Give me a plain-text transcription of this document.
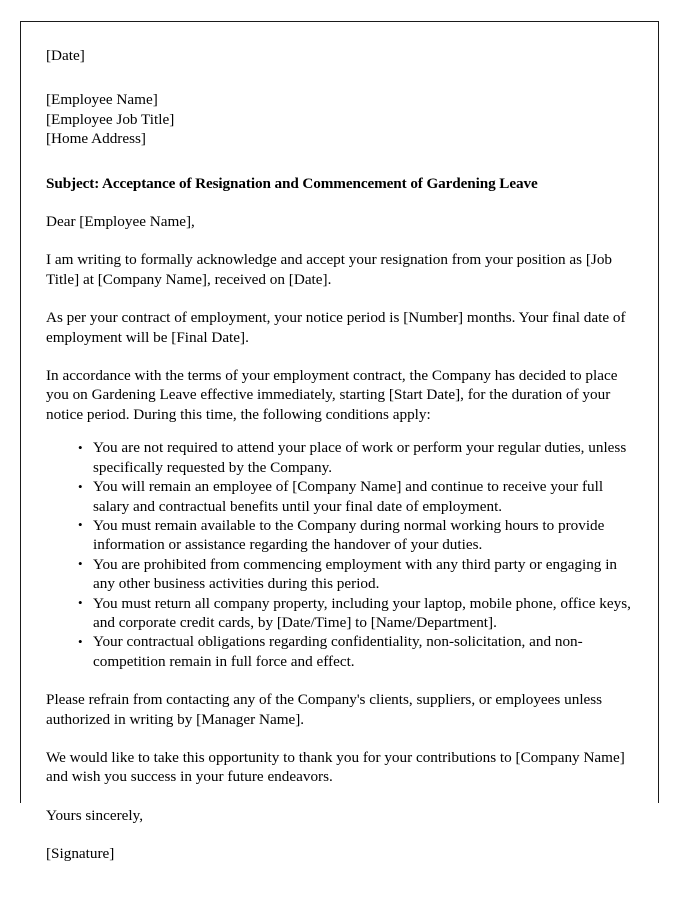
[Date]

[Employee Name]

[Employee Job Title]

[Home Address]

Subject: Acceptance of Resignation and Commencement of Gardening Leave

Dear [Employee Name],

I am writing to formally acknowledge and accept your resignation from your position as [Job Title] at [Company Name], received on [Date].

As per your contract of employment, your notice period is [Number] months. Your final date of employment will be [Final Date].

In accordance with the terms of your employment contract, the Company has decided to place you on Gardening Leave effective immediately, starting [Start Date], for the duration of your notice period. During this time, the following conditions apply:

• You are not required to attend your place of work or perform your regular duties, unless specifically requested by the Company.
• You will remain an employee of [Company Name] and continue to receive your full salary and contractual benefits until your final date of employment.
• You must remain available to the Company during normal working hours to provide information or assistance regarding the handover of your duties.
• You are prohibited from commencing employment with any third party or engaging in any other business activities during this period.
• You must return all company property, including your laptop, mobile phone, office keys, and corporate credit cards, by [Date/Time] to [Name/Department].
• Your contractual obligations regarding confidentiality, non-solicitation, and non-competition remain in full force and effect.

Please refrain from contacting any of the Company's clients, suppliers, or employees unless authorized in writing by [Manager Name].

We would like to take this opportunity to thank you for your contributions to [Company Name] and wish you success in your future endeavors.

Yours sincerely,

[Signature]
